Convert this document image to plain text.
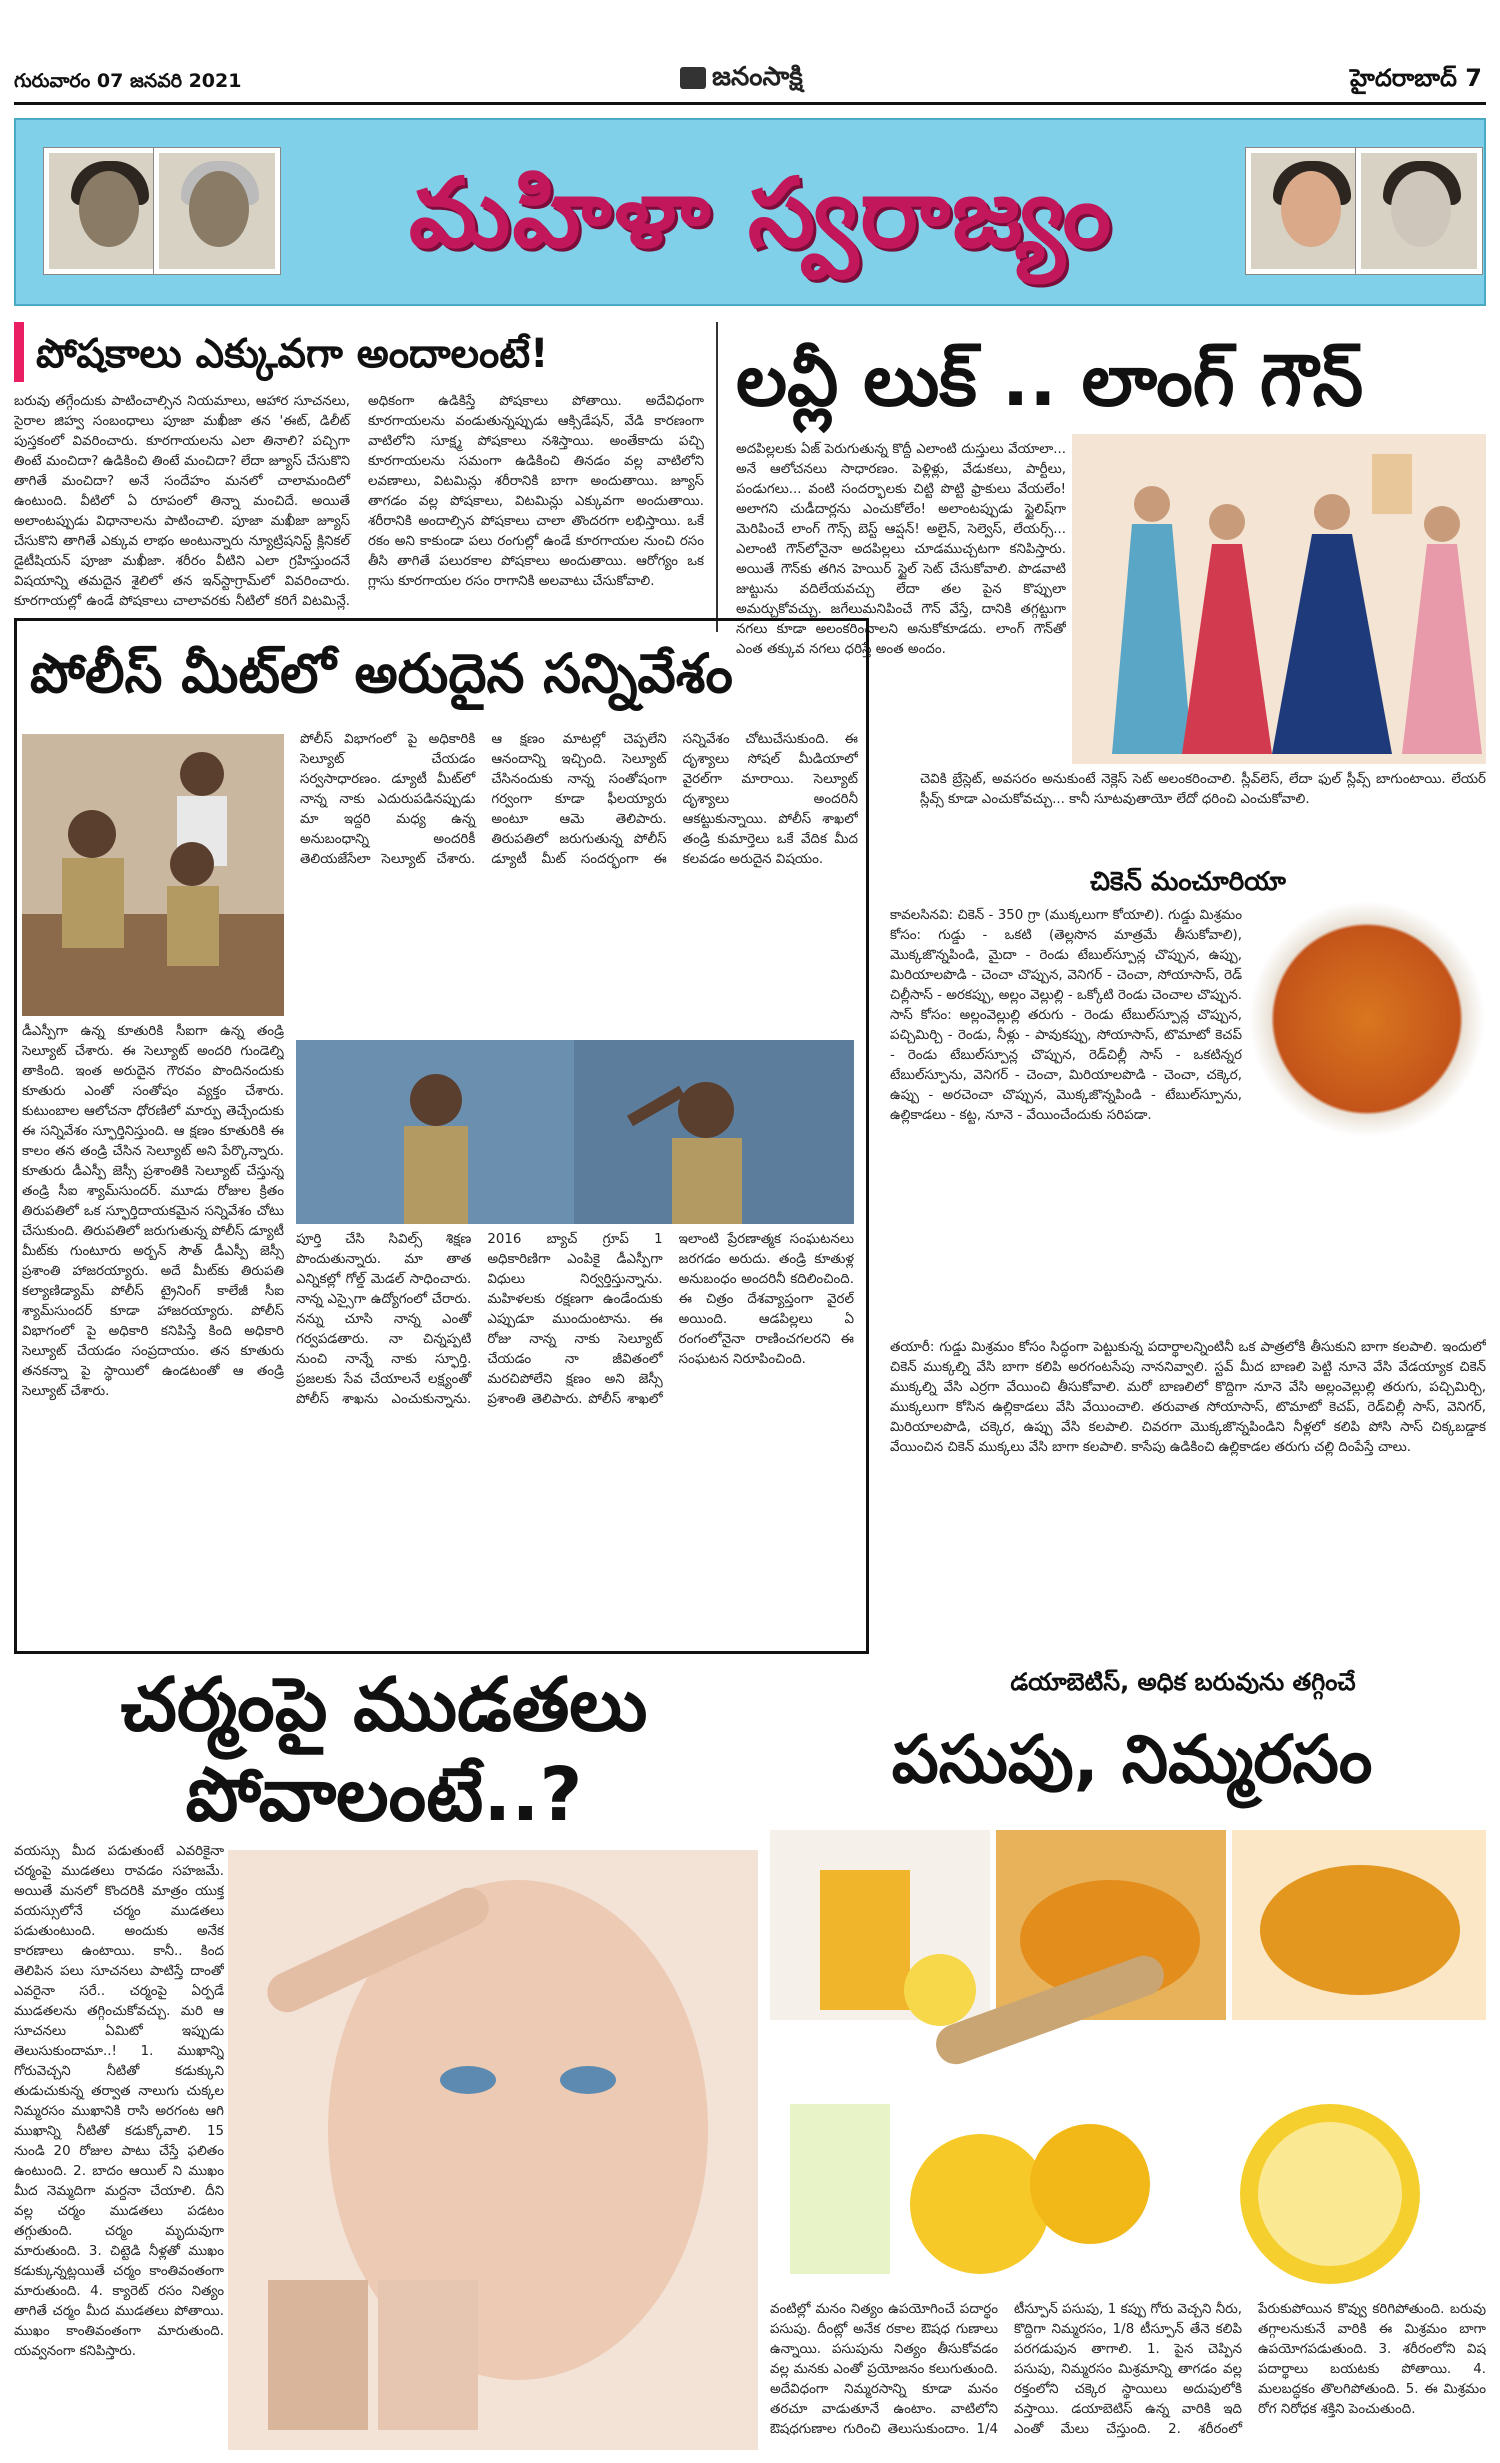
గురువారం 07 జనవరి 2021	జనంసాక్షి	హైదరాబాద్ 7
మహిళా స్వరాజ్యం
పోషకాలు ఎక్కువగా అందాలంటే!
బరువు తగ్గేందుకు పాటించాల్సిన నియమాలు, ఆహార సూచనలు, సైరాల జిహ్వ సంబంధాలు పూజా మఖీజా తన 'ఈట్, డిలీట్ పుస్తకంలో వివరించారు. కూరగాయలను ఎలా తినాలి? పచ్చిగా తింటే మంచిదా? ఉడికించి తింటే మంచిదా? లేదా జ్యూస్ చేసుకొని తాగితే మంచిదా? అనే సందేహం మనలో చాలామందిలో ఉంటుంది. వీటిలో ఏ రూపంలో తిన్నా మంచిదే. అయితే అలాంటప్పుడు విధానాలను పాటించాలి. పూజా మఖీజా జ్యూస్ చేసుకొని తాగితే ఎక్కువ లాభం అంటున్నారు న్యూట్రిషనిస్ట్ క్లినికల్ డైటీషియన్ పూజా మఖీజా. శరీరం వీటిని ఎలా గ్రహిస్తుందనే విషయాన్ని తమదైన శైలిలో తన ఇన్‌స్టాగ్రామ్‌లో వివరించారు. కూరగాయల్లో ఉండే పోషకాలు చాలావరకు నీటిలో కరిగే విటమిన్లే. అధికంగా ఉడికిస్తే పోషకాలు పోతాయి. అదేవిధంగా కూరగాయలను వండుతున్నప్పుడు ఆక్సిడేషన్, వేడి కారణంగా వాటిలోని సూక్ష్మ పోషకాలు నశిస్తాయి. అంతేకాదు పచ్చి కూరగాయలను సమంగా ఉడికించి తినడం వల్ల వాటిలోని లవణాలు, విటమిన్లు శరీరానికి బాగా అందుతాయి. జ్యూస్ తాగడం వల్ల పోషకాలు, విటమిన్లు ఎక్కువగా అందుతాయి. శరీరానికి అందాల్సిన పోషకాలు చాలా తొందరగా లభిస్తాయి. ఒకే రకం అని కాకుండా పలు రంగుల్లో ఉండే కూరగాయల నుంచి రసం తీసి తాగితే పలురకాల పోషకాలు అందుతాయి. ఆరోగ్యం ఒక గ్లాసు కూరగాయల రసం రాగానికి అలవాటు చేసుకోవాలి.
లవ్లీ లుక్ .. లాంగ్ గౌన్
అదపిల్లలకు ఏజ్ పెరుగుతున్న కొద్దీ ఎలాంటి దుస్తులు వేయాలా... అనే ఆలోచనలు సాధారణం. పెళ్లిళ్లు, వేడుకలు, పార్టీలు, పండుగలు... వంటి సందర్భాలకు చిట్టి పొట్టి ఫ్రాకులు వేయలేం! అలాగని చుడీదార్లను ఎంచుకోలేం! అలాంటప్పుడు స్టైలిష్‌గా మెరిపించే లాంగ్ గౌన్స్ బెస్ట్ ఆప్షన్! అలైన్, సెల్వెస్, లేయర్స్... ఎలాంటి గౌన్‌లోనైనా అదపిల్లలు చూడముచ్చటగా కనిపిస్తారు. అయితే గౌన్‌కు తగిన హెయిర్ స్టైల్ సెట్ చేసుకోవాలి. పొడవాటి జుట్టును వదిలేయవచ్చు లేదా తల పైన కొప్పులా అమర్చుకోవచ్చు. జగేలుమనిపించే గౌన్ వేస్తే, దానికి తగ్గట్టుగా నగలు కూడా అలంకరించాలని అనుకోకూడదు. లాంగ్ గౌన్‌తో ఎంత తక్కువ నగలు ధరిస్తే అంత అందం.
చెవికి బ్రేస్లెట్, అవసరం అనుకుంటే నెక్లెస్ సెట్ అలంకరించాలి. స్లీవ్‌లెస్, లేదా ఫుల్ స్లీవ్స్ బాగుంటాయి. లేయర్ స్లీవ్స్ కూడా ఎంచుకోవచ్చు... కానీ సూటవుతాయో లేదో ధరించి ఎంచుకోవాలి.
పోలీస్ మీట్‌లో అరుదైన సన్నివేశం
పోలీస్ విభాగంలో పై అధికారికి సెల్యూట్ చేయడం సర్వసాధారణం. డ్యూటీ మీట్‌లో నాన్న నాకు ఎదురుపడినప్పుడు మా ఇద్దరి మధ్య ఉన్న అనుబంధాన్ని అందరికీ తెలియజేసేలా సెల్యూట్ చేశారు. ఆ క్షణం మాటల్లో చెప్పలేని ఆనందాన్ని ఇచ్చింది. సెల్యూట్ చేసినందుకు నాన్న సంతోషంగా గర్వంగా కూడా ఫీలయ్యారు అంటూ ఆమె తెలిపారు. తిరుపతిలో జరుగుతున్న పోలీస్ డ్యూటీ మీట్ సందర్భంగా ఈ సన్నివేశం చోటుచేసుకుంది. ఈ దృశ్యాలు సోషల్ మీడియాలో వైరల్‌గా మారాయి. సెల్యూట్ దృశ్యాలు అందరినీ ఆకట్టుకున్నాయి. పోలీస్ శాఖలో తండ్రి కుమార్తెలు ఒకే వేదిక మీద కలవడం అరుదైన విషయం.
డీఎస్పీగా ఉన్న కూతురికి సీఐగా ఉన్న తండ్రి సెల్యూట్ చేశారు. ఈ సెల్యూట్ అందరి గుండెల్ని తాకింది. ఇంత అరుదైన గౌరవం పొందినందుకు కూతురు ఎంతో సంతోషం వ్యక్తం చేశారు. కుటుంబాల ఆలోచనా ధోరణిలో మార్పు తెచ్చేందుకు ఈ సన్నివేశం స్ఫూర్తినిస్తుంది. ఆ క్షణం కూతురికి ఈ కాలం తన తండ్రి చేసిన సెల్యూట్ అని పేర్కొన్నారు. కూతురు డీఎస్పీ జెస్సీ ప్రశాంతికి సెల్యూట్ చేస్తున్న తండ్రి సీఐ శ్యామ్‌సుందర్. మూడు రోజుల క్రితం తిరుపతిలో ఒక స్ఫూర్తిదాయకమైన సన్నివేశం చోటు చేసుకుంది. తిరుపతిలో జరుగుతున్న పోలీస్ డ్యూటీ మీట్‌కు గుంటూరు అర్బన్ సౌత్ డీఎస్పీ జెస్సీ ప్రశాంతి హాజరయ్యారు. అదే మీట్‌కు తిరుపతి కల్యాణిడ్యామ్ పోలీస్ ట్రైనింగ్ కాలేజీ సీఐ శ్యామ్‌సుందర్ కూడా హాజరయ్యారు. పోలీస్ విభాగంలో పై అధికారి కనిపిస్తే కింది అధికారి సెల్యూట్ చేయడం సంప్రదాయం. తన కూతురు తనకన్నా పై స్థాయిలో ఉండటంతో ఆ తండ్రి సెల్యూట్ చేశారు.
పూర్తి చేసి సివిల్స్ శిక్షణ పొందుతున్నారు. మా తాత ఎన్నికల్లో గోల్డ్ మెడల్ సాధించారు. నాన్న ఎస్సైగా ఉద్యోగంలో చేరారు. నన్ను చూసి నాన్న ఎంతో గర్వపడతారు. నా చిన్నప్పటి నుంచి నాన్నే నాకు స్ఫూర్తి. ప్రజలకు సేవ చేయాలనే లక్ష్యంతో పోలీస్ శాఖను ఎంచుకున్నాను. 2016 బ్యాచ్ గ్రూప్ 1 అధికారిణిగా ఎంపికై డీఎస్పీగా విధులు నిర్వర్తిస్తున్నాను. మహిళలకు రక్షణగా ఉండేందుకు ఎప్పుడూ ముందుంటాను. ఈ రోజు నాన్న నాకు సెల్యూట్ చేయడం నా జీవితంలో మరచిపోలేని క్షణం అని జెస్సీ ప్రశాంతి తెలిపారు. పోలీస్ శాఖలో ఇలాంటి ప్రేరణాత్మక సంఘటనలు జరగడం అరుదు. తండ్రి కూతుళ్ల అనుబంధం అందరినీ కదిలించింది. ఈ చిత్రం దేశవ్యాప్తంగా వైరల్ అయింది. ఆడపిల్లలు ఏ రంగంలోనైనా రాణించగలరని ఈ సంఘటన నిరూపించింది.
చికెన్ మంచూరియా
కావలసినవి: చికెన్ - 350 గ్రా (ముక్కలుగా కోయాలి). గుడ్డు మిశ్రమం కోసం: గుడ్డు - ఒకటి (తెల్లసొన మాత్రమే తీసుకోవాలి), మొక్కజొన్నపిండి, మైదా - రెండు టేబుల్‌స్పూన్ల చొప్పున, ఉప్పు, మిరియాలపొడి - చెంచా చొప్పున, వెనిగర్ - చెంచా, సోయాసాస్, రెడ్ చిల్లీసాస్ - అరకప్పు, అల్లం వెల్లుల్లి - ఒక్కోటి రెండు చెంచాల చొప్పున. సాస్ కోసం: అల్లంవెల్లుల్లి తరుగు - రెండు టేబుల్‌స్పూన్ల చొప్పున, పచ్చిమిర్చి - రెండు, నీళ్లు - పావుకప్పు, సోయాసాస్, టొమాటో కెచప్ - రెండు టేబుల్‌స్పూన్ల చొప్పున, రెడ్‌చిల్లీ సాస్ - ఒకటిన్నర టేబుల్‌స్పూను, వెనిగర్ - చెంచా, మిరియాలపొడి - చెంచా, చక్కెర, ఉప్పు - అరచెంచా చొప్పున, మొక్కజొన్నపిండి - టేబుల్‌స్పూను, ఉల్లికాడలు - కట్ట, నూనె - వేయించేందుకు సరిపడా.
తయారీ: గుడ్డు మిశ్రమం కోసం సిద్ధంగా పెట్టుకున్న పదార్థాలన్నింటినీ ఒక పాత్రలోకి తీసుకుని బాగా కలపాలి. ఇందులో చికెన్ ముక్కల్ని వేసి బాగా కలిపి అరగంటసేపు నాననివ్వాలి. స్టవ్ మీద బాణలి పెట్టి నూనె వేసి వేడయ్యాక చికెన్ ముక్కల్ని వేసి ఎర్రగా వేయించి తీసుకోవాలి. మరో బాణలిలో కొద్దిగా నూనె వేసి అల్లంవెల్లుల్లి తరుగు, పచ్చిమిర్చి, ముక్కలుగా కోసిన ఉల్లికాడలు వేసి వేయించాలి. తరువాత సోయాసాస్, టొమాటో కెచప్, రెడ్‌చిల్లీ సాస్, వెనిగర్, మిరియాలపొడి, చక్కెర, ఉప్పు వేసి కలపాలి. చివరగా మొక్కజొన్నపిండిని నీళ్లలో కలిపి పోసి సాస్ చిక్కబడ్డాక వేయించిన చికెన్ ముక్కలు వేసి బాగా కలపాలి. కాసేపు ఉడికించి ఉల్లికాడల తరుగు చల్లి దింపేస్తే చాలు.
డయాబెటిస్, అధిక బరువును తగ్గించే
పసుపు, నిమ్మరసం
వంటిల్లో మనం నిత్యం ఉపయోగించే పదార్థం పసుపు. దీంట్లో అనేక రకాల ఔషధ గుణాలు ఉన్నాయి. పసుపును నిత్యం తీసుకోవడం వల్ల మనకు ఎంతో ప్రయోజనం కలుగుతుంది. అదేవిధంగా నిమ్మరసాన్ని కూడా మనం తరచూ వాడుతూనే ఉంటాం. వాటిలోని ఔషధగుణాల గురించి తెలుసుకుందాం. 1/4 టీస్పూన్ పసుపు, 1 కప్పు గోరు వెచ్చని నీరు, కొద్దిగా నిమ్మరసం, 1/8 టీస్పూన్ తేనె కలిపి పరగడుపున తాగాలి. 1. పైన చెప్పిన పసుపు, నిమ్మరసం మిశ్రమాన్ని తాగడం వల్ల రక్తంలోని చక్కెర స్థాయిలు అదుపులోకి వస్తాయి. డయాబెటిస్ ఉన్న వారికి ఇది ఎంతో మేలు చేస్తుంది. 2. శరీరంలో పేరుకుపోయిన కొవ్వు కరిగిపోతుంది. బరువు తగ్గాలనుకునే వారికి ఈ మిశ్రమం బాగా ఉపయోగపడుతుంది. 3. శరీరంలోని విష పదార్థాలు బయటకు పోతాయి. 4. మలబద్ధకం తొలగిపోతుంది. 5. ఈ మిశ్రమం రోగ నిరోధక శక్తిని పెంచుతుంది.
చర్మంపై ముడతలు పోవాలంటే..?
వయస్సు మీద పడుతుంటే ఎవరికైనా చర్మంపై ముడతలు రావడం సహజమే. అయితే మనలో కొందరికి మాత్రం యుక్త వయస్సులోనే చర్మం ముడతలు పడుతుంటుంది. అందుకు అనేక కారణాలు ఉంటాయి. కానీ.. కింద తెలిపిన పలు సూచనలు పాటిస్తే దాంతో ఎవరైనా సరే.. చర్మంపై ఏర్పడే ముడతలను తగ్గించుకోవచ్చు. మరి ఆ సూచనలు ఏమిటో ఇప్పుడు తెలుసుకుందామా..! 1. ముఖాన్ని గోరువెచ్చని నీటితో కడుక్కుని తుడుచుకున్న తర్వాత నాలుగు చుక్కల నిమ్మరసం ముఖానికి రాసి అరగంట ఆగి ముఖాన్ని నీటితో కడుక్కోవాలి. 15 నుండి 20 రోజుల పాటు చేస్తే ఫలితం ఉంటుంది. 2. బాదం ఆయిల్ ని ముఖం మీద నెమ్మదిగా మర్దనా చేయాలి. దీని వల్ల చర్మం ముడతలు పడటం తగ్గుతుంది. చర్మం మృదువుగా మారుతుంది. 3. చిట్టెడి నీళ్లతో ముఖం కడుక్కున్నట్లయితే చర్మం కాంతివంతంగా మారుతుంది. 4. క్యారెట్ రసం నిత్యం తాగితే చర్మం మీద ముడతలు పోతాయి. ముఖం కాంతివంతంగా మారుతుంది. యవ్వనంగా కనిపిస్తారు.
